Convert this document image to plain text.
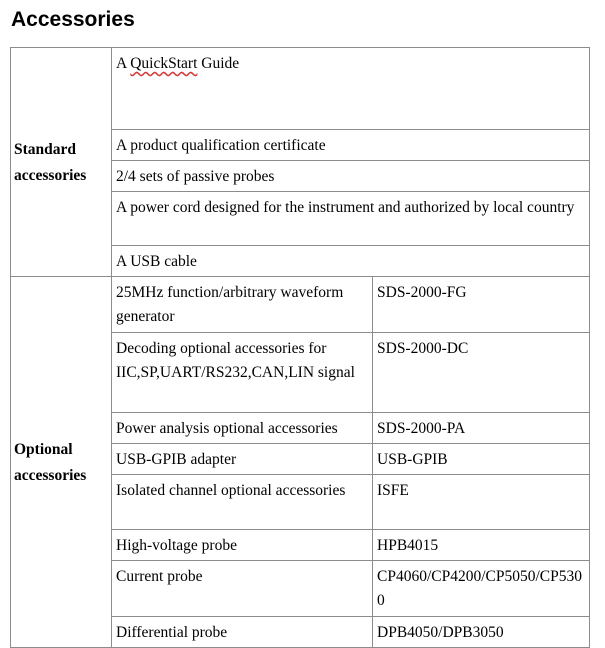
Accessories
Standard
accessories	A QuickStart Guide	
	A product qualification certificate	
	2/4 sets of passive probes	
	A power cord designed for the instrument and authorized by local country	
	A USB cable	
Optional
accessories	25MHz function/arbitrary waveform generator	SDS-2000-FG
	Decoding optional accessories for IIC,SP,UART/RS232,CAN,LIN signal	SDS-2000-DC
	Power analysis optional accessories	SDS-2000-PA
	USB-GPIB adapter	USB-GPIB
	Isolated channel optional accessories	ISFE
	High-voltage probe	HPB4015
	Current probe	CP4060/CP4200/CP5050/CP5300
	Differential probe	DPB4050/DPB3050
